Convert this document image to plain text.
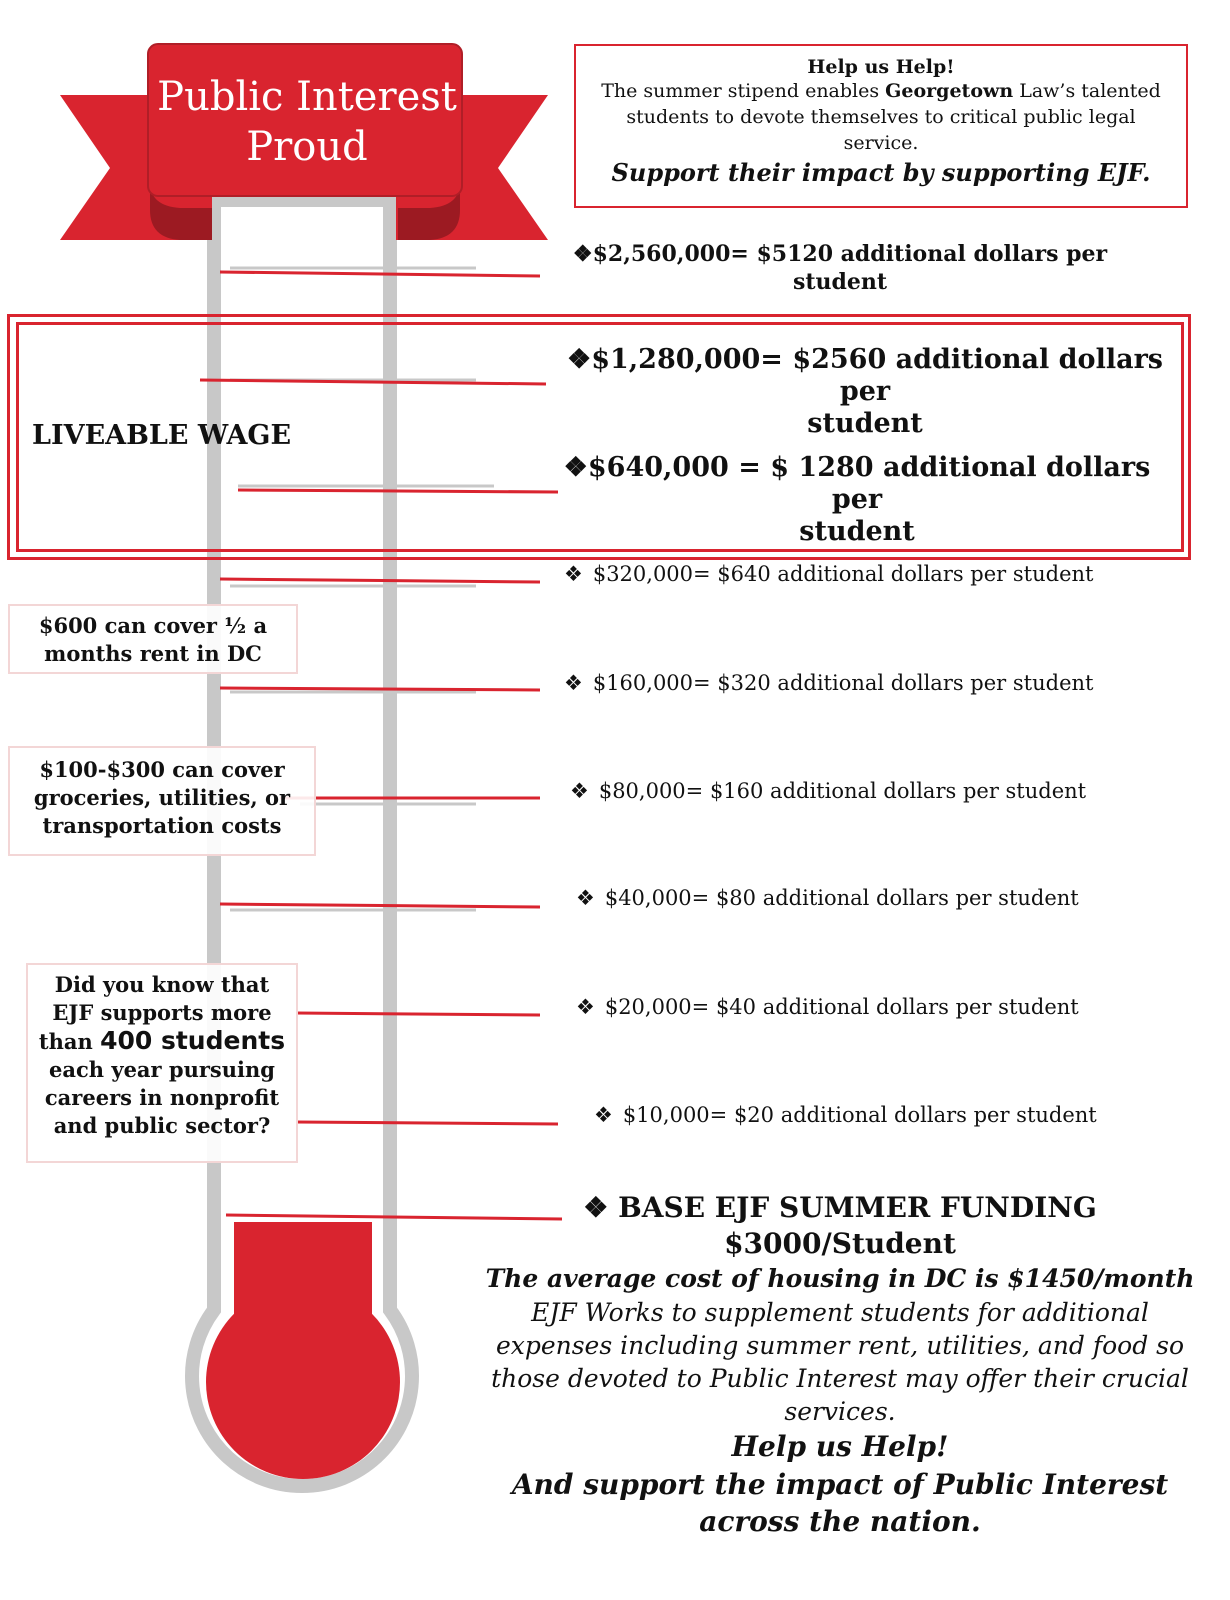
Public Interest
Proud
Help us Help!
The summer stipend enables Georgetown Law’s talented students to devote themselves to critical public legal service.
Support their impact by supporting EJF.
❖$2,560,000= $5120 additional dollars per
student
LIVEABLE WAGE
❖$1,280,000= $2560 additional dollars per
student
❖$640,000 = $ 1280 additional dollars per
student
❖ $320,000= $640 additional dollars per student
❖ $160,000= $320 additional dollars per student
❖ $80,000= $160 additional dollars per student
❖ $40,000= $80 additional dollars per student
❖ $20,000= $40 additional dollars per student
❖ $10,000= $20 additional dollars per student
$600 can cover ½ a
months rent in DC
$100-$300 can cover
groceries, utilities, or
transportation costs
Did you know that
EJF supports more
than 400 students
each year pursuing
careers in nonprofit
and public sector?
❖ BASE EJF SUMMER FUNDING
$3000/Student
The average cost of housing in DC is $1450/month
EJF Works to supplement students for additional expenses including summer rent, utilities, and food so those devoted to Public Interest may offer their crucial services.
Help us Help!
And support the impact of Public Interest across the nation.
